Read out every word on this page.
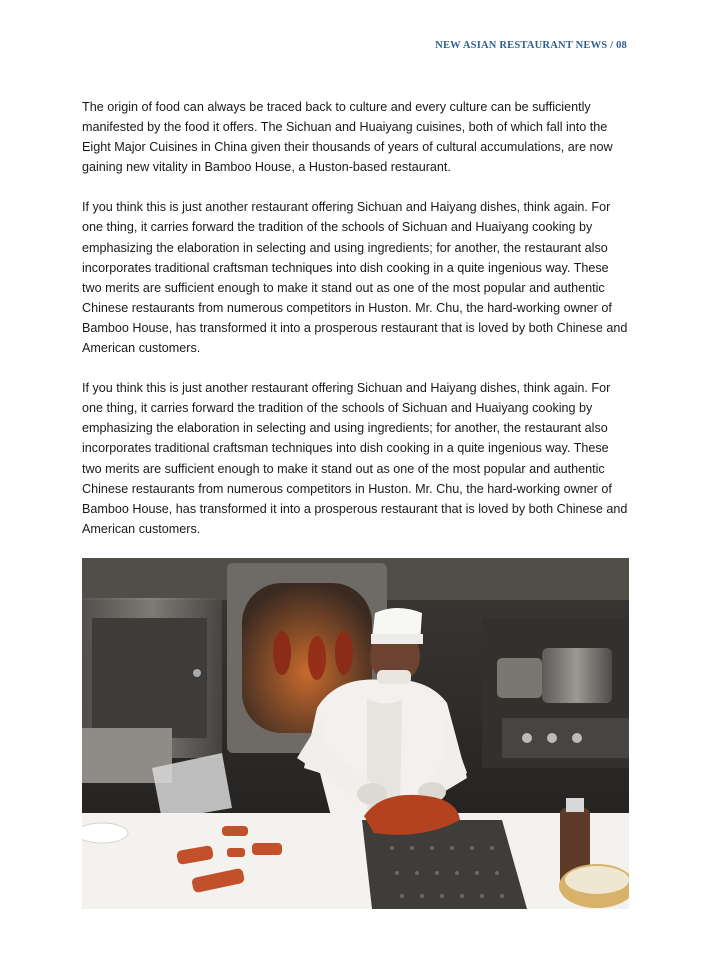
NEW ASIAN RESTAURANT NEWS / 08

The origin of food can always be traced back to culture and every culture can be sufficiently manifested by the food it offers. The Sichuan and Huaiyang cuisines, both of which fall into the Eight Major Cuisines in China given their thousands of years of cultural accumulations, are now gaining new vitality in Bamboo House, a Huston-based restaurant.

If you think this is just another restaurant offering Sichuan and Haiyang dishes, think again. For one thing, it carries forward the tradition of the schools of Sichuan and Huaiyang cooking by emphasizing the elaboration in selecting and using ingredients; for another, the restaurant also incorporates traditional craftsman techniques into dish cooking in a quite ingenious way. These two merits are sufficient enough to make it stand out as one of the most popular and authentic Chinese restaurants from numerous competitors in Huston. Mr. Chu, the hard-working owner of Bamboo House, has transformed it into a prosperous restaurant that is loved by both Chinese and American customers.

If you think this is just another restaurant offering Sichuan and Haiyang dishes, think again. For one thing, it carries forward the tradition of the schools of Sichuan and Huaiyang cooking by emphasizing the elaboration in selecting and using ingredients; for another, the restaurant also incorporates traditional craftsman techniques into dish cooking in a quite ingenious way. These two merits are sufficient enough to make it stand out as one of the most popular and authentic Chinese restaurants from numerous competitors in Huston. Mr. Chu, the hard-working owner of Bamboo House, has transformed it into a prosperous restaurant that is loved by both Chinese and American customers.
